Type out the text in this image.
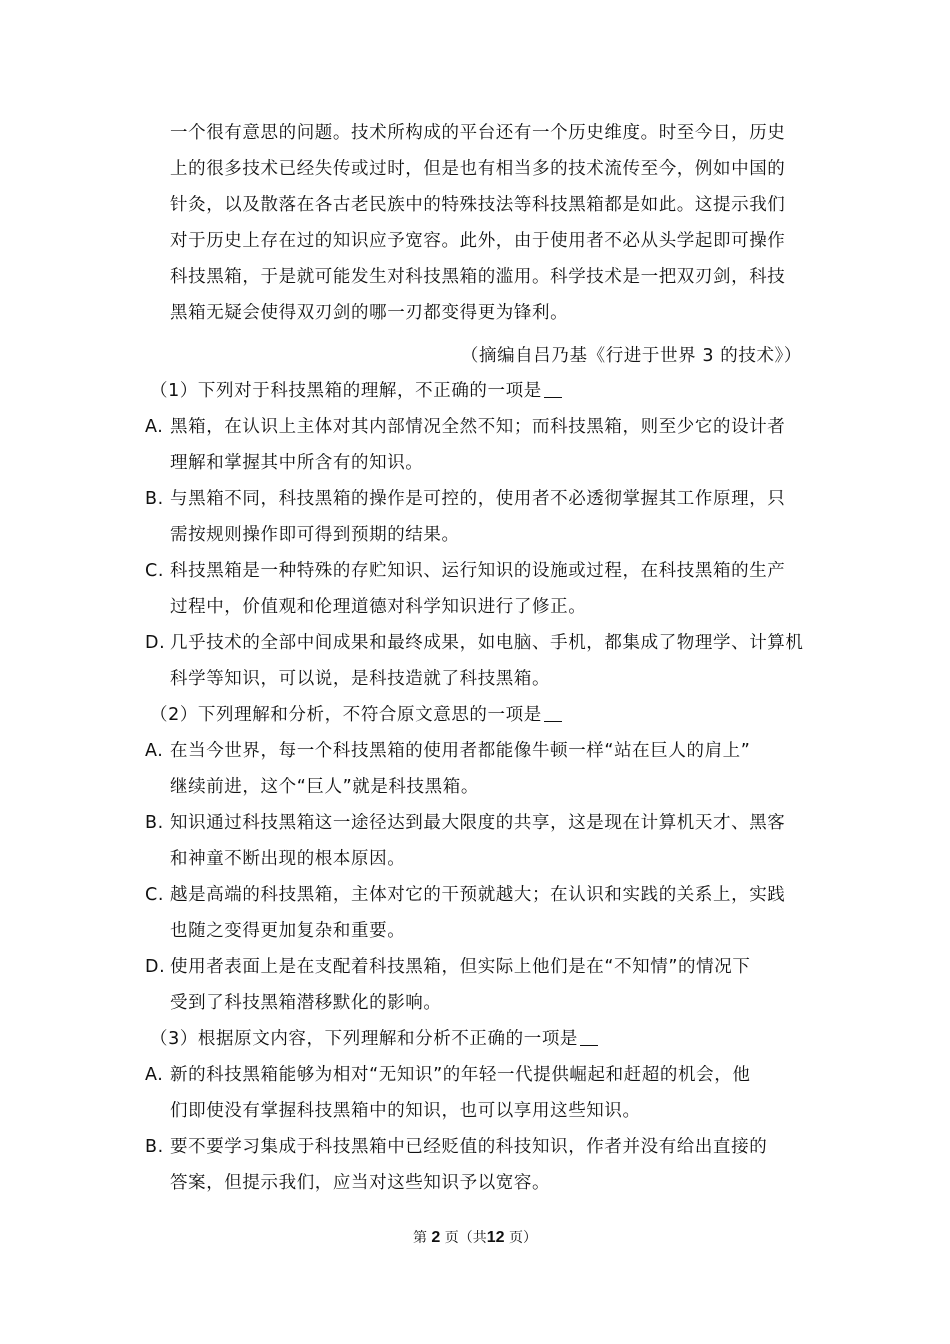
一个很有意思的问题。技术所构成的平台还有一个历史维度。时至今日，历史

上的很多技术已经失传或过时，但是也有相当多的技术流传至今，例如中国的

针灸，以及散落在各古老民族中的特殊技法等科技黑箱都是如此。这提示我们

对于历史上存在过的知识应予宽容。此外，由于使用者不必从头学起即可操作

科技黑箱，于是就可能发生对科技黑箱的滥用。科学技术是一把双刃剑，科技

黑箱无疑会使得双刃剑的哪一刃都变得更为锋利。

（摘编自吕乃基《行进于世界 3 的技术》）

（1）下列对于科技黑箱的理解，不正确的一项是

A. 黑箱，在认识上主体对其内部情况全然不知；而科技黑箱，则至少它的设计者

理解和掌握其中所含有的知识。

B. 与黑箱不同，科技黑箱的操作是可控的，使用者不必透彻掌握其工作原理，只

需按规则操作即可得到预期的结果。

C. 科技黑箱是一种特殊的存贮知识、运行知识的设施或过程，在科技黑箱的生产

过程中，价值观和伦理道德对科学知识进行了修正。

D. 几乎技术的全部中间成果和最终成果，如电脑、手机，都集成了物理学、计算机

科学等知识，可以说，是科技造就了科技黑箱。

（2）下列理解和分析，不符合原文意思的一项是

A. 在当今世界，每一个科技黑箱的使用者都能像牛顿一样“站在巨人的肩上”

继续前进，这个“巨人”就是科技黑箱。

B. 知识通过科技黑箱这一途径达到最大限度的共享，这是现在计算机天才、黑客

和神童不断出现的根本原因。

C. 越是高端的科技黑箱，主体对它的干预就越大；在认识和实践的关系上，实践

也随之变得更加复杂和重要。

D. 使用者表面上是在支配着科技黑箱，但实际上他们是在“不知情”的情况下

受到了科技黑箱潜移默化的影响。

（3）根据原文内容，下列理解和分析不正确的一项是

A. 新的科技黑箱能够为相对“无知识”的年轻一代提供崛起和赶超的机会，他

们即使没有掌握科技黑箱中的知识，也可以享用这些知识。

B. 要不要学习集成于科技黑箱中已经贬值的科技知识，作者并没有给出直接的

答案，但提示我们，应当对这些知识予以宽容。

第 2 页（共12 页）
